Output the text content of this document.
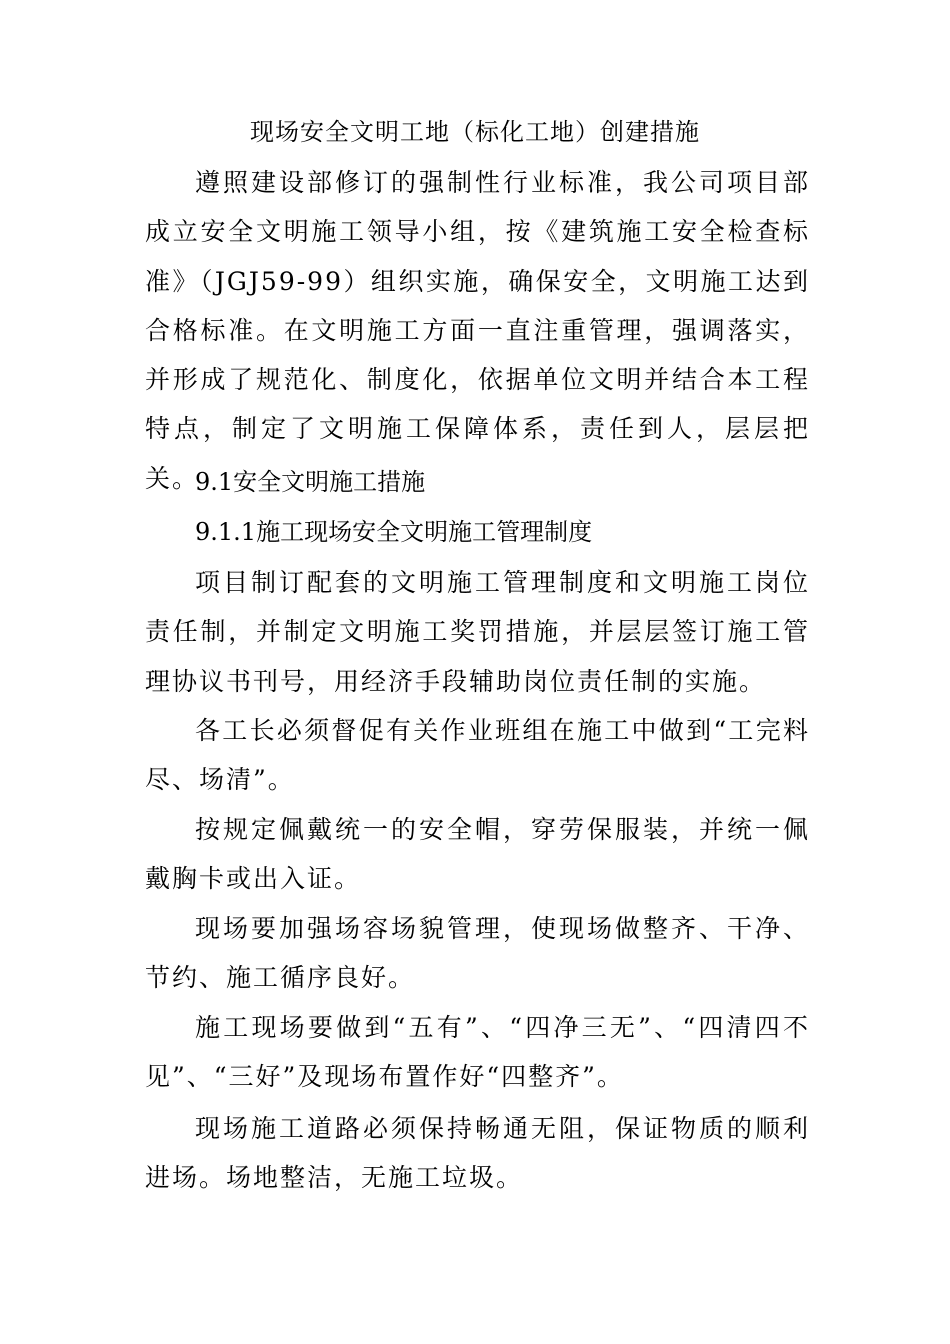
现场安全文明工地（标化工地）创建措施

遵照建设部修订的强制性行业标准，我公司项目部成立安全文明施工领导小组，按《建筑施工安全检查标准》（JGJ59-99）组织实施，确保安全，文明施工达到合格标准。在文明施工方面一直注重管理，强调落实，并形成了规范化、制度化，依据单位文明并结合本工程特点，制定了文明施工保障体系，责任到人，层层把关。

9.1安全文明施工措施
9.1.1施工现场安全文明施工管理制度

项目制订配套的文明施工管理制度和文明施工岗位责任制，并制定文明施工奖罚措施，并层层签订施工管理协议书刊号，用经济手段辅助岗位责任制的实施。

各工长必须督促有关作业班组在施工中做到“工完料尽、场清”。

按规定佩戴统一的安全帽，穿劳保服装，并统一佩戴胸卡或出入证。

现场要加强场容场貌管理，使现场做整齐、干净、节约、施工循序良好。

施工现场要做到“五有”、“四净三无”、“四清四不见”、“三好”及现场布置作好“四整齐”。

现场施工道路必须保持畅通无阻，保证物质的顺利进场。场地整洁，无施工垃圾。
